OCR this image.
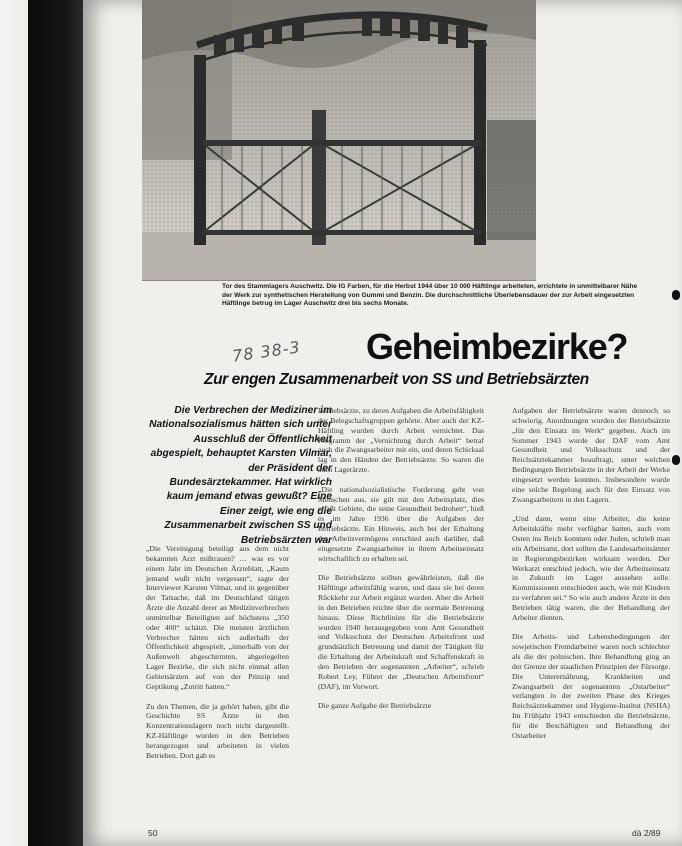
Tor des Stammlagers Auschwitz. Die IG Farben, für die Herbst 1944 über 10 000 Häftlinge arbeiteten, errichtete in unmittelbarer Nähe der Werk zur synthetischen Herstellung von Gummi und Benzin. Die durchschnittliche Überlebensdauer der zur Arbeit eingesetzten Häftlinge betrug im Lager Auschwitz drei bis sechs Monate.

78 38-3 Geheimbezirke?
Zur engen Zusammenarbeit von SS und Betriebsärzten

Die Verbrechen der Mediziner im Nationalsozialismus hätten sich unter Ausschluß der Öffentlichkeit abgespielt, behauptet Karsten Vilmar, der Präsident der Bundesärztekammer. Hat wirklich kaum jemand etwas gewußt? Eine Einer zeigt, wie eng die Zusammenarbeit zwischen SS und Betriebsärzten war

„Die Vereinigung beteiligt aus dem nicht bekannten Arzt mißtrauen? … was es vor einem Jahr im Deutschen Ärzteblatt, „Kaum jemand wußt nicht vergessen“, sagte der Interviewer Karsten Vilmar, und in gegenüber der Tatsache, daß im Deutschland tätigen Ärzte die Anzahl derer an Medizinverbrechen unmittelbar Beteiligten auf höchstens „350 oder 400“ schätzt. Die meisten ärztlichen Verbrecher hätten sich außerhalb der Öffentlichkeit abgespielt, „innerhalb von der Außenwelt abgeschirmten, abgeriegelten Lager Bezirke, die sich nicht einmal allen Gebietsärzten auf von der Prinzip und Geptikung „Zutritt hatten.“

Zu den Themen, die ja gehört haben, gibt die Geschichte SS Ärzte in den Konzentrationslagern noch nicht dargestellt. KZ-Häftlinge wurden in den Betrieben herangezogen und arbeiteten in vielen Betrieben. Dort gab es

Betriebsärzte, zu deren Aufgaben die Arbeitsfähigkeit der Belegschaftsgruppen gehörte. Aber auch der KZ-Häftling wurden durch Arbeit vernichtet. Das Programm der „Vernichtung durch Arbeit“ betraf auch die Zwangsarbeiter mit ein, und deren Schicksal lag in den Händen der Betriebsärzte. So waren die auch Lagerärzte.

„Die nationalsozialistische Forderung geht von Menschen aus, sie gilt mit den Arbeitsplatz, dies erfaßt Gebiete, die seine Gesundheit bedrohen“, hieß es im Jahre 1936 über die Aufgaben der Betriebsärzte. Ein Hinweis, auch bei der Erhaltung des Arbeitsvermögens entschied auch darüber, daß eingesetzte Zwangsarbeiter in ihrem Arbeitseinsatz wirtschaftlich zu erhalten sei.

Die Betriebsärzte sollten gewährleisten, daß die Häftlinge arbeitsfähig waren, und dass sie bei deren Rückkehr zur Arbeit ergänzt wurden. Aber die Arbeit in den Betrieben reichte über die normale Betreuung hinaus. Diese Richtlinien für die Betriebsärzte wurden 1940 herausgegeben vom Amt Gesundheit und Volksschutz der Deutschen Arbeitsfront und grundsätzlich Betreuung und damit der Tätigkeit für die Erhaltung der Arbeitskraft und Schaffenskraft in den Betrieben der sogenannten „Arbeiter“, schrieb Robert Ley, Führer der „Deutschen Arbeitsfront“ (DAF), im Vorwort.

Die ganze Aufgabe der Betriebsärzte

Aufgaben der Betriebsärzte waren dennoch so schwierig. Anordnungen wurden der Betriebsärzte „für den Einsatz im Werk“ gegeben. Auch im Sommer 1943 wurde der DAF vom Amt Gesundheit und Volksschutz und der Reichsärztekammer beauftragt, unter welchen Bedingungen Betriebsärzte in der Arbeit der Werke eingesetzt werden konnten. Insbesondere wurde eine solche Regelung auch für den Einsatz von Zwangsarbeitern in den Lagern.

„Und dann, wenn eine Arbeiter, die keine Arbeitskräfte mehr verfügbar hatten, auch vom Osten ins Reich kommen oder Juden, schrieb man ein Arbeitsamt, dort sollten die Landesarbeitsämter in Regierungsbezirken wirksam werden. Der Werkarzt entschied jedoch, wie der Arbeitseinsatz in Zukunft im Lager aussehen solle. Kommissionen entschieden auch, wie mit Kindern zu verfahren sei.“ So wie auch andere Ärzte in den Betrieben tätig waren, die der Behandlung der Arbeiter dienten.

Die Arbeits- und Lebensbedingungen der sowjetischen Fremdarbeiter waren noch schlechter als die der polnischen. Ihre Behandlung ging an der Grenze der staatlichen Prinzipien der Fürsorge. Die Unterernährung, Krankheiten und Zwangsarbeit der sogenannten „Ostarbeiter“ verlangten in der zweiten Phase des Krieges Reichsärztekammer und Hygiene-Institut (NSHA) Im Frühjahr 1943 entschieden die Betriebsärzte, für die Beschäftigten und Behandlung der Ostarbeiter

50	dä 2/89
